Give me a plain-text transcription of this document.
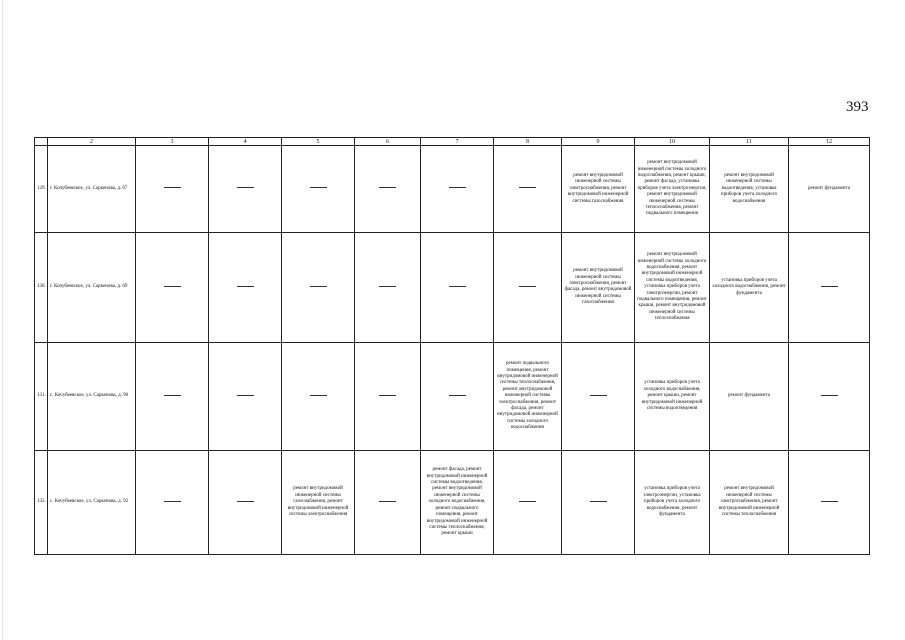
393
	2	3	4	5	6	7	8	9	10	11	12
129.	г. Кочубеевское, ул. Саркенова, д. 67							ремонт внутридомовой инженерной системы электроснабжения, ремонт внутридомовой инженерной системы газоснабжения	ремонт внутридомовой инженерной системы холодного водоснабжения, ремонт крыши, ремонт фасада, установка приборов учета электроэнергии, ремонт внутридомовой инженерной системы теплоснабжения, ремонт подвального помещения	ремонт внутридомовой инженерной системы водоотведения, установка приборов учета холодного водоснабжения	ремонт фундамента
130.	г. Кочубеевское, ул. Саркенова, д. 69							ремонт внутридомовой инженерной системы электроснабжения, ремонт фасада, ремонт внутридомовой инженерной системы газоснабжения	ремонт внутридомовой инженерной системы холодного водоснабжения, ремонт внутридомовой инженерной системы водоотведения, установка приборов учета электроэнергии, ремонт подвального помещения, ремонт крыши, ремонт внутридомовой инженерной системы теплоснабжения	установка приборов учета холодного водоснабжения, ремонт фундамента	
131.	с. Кочубеевское, ул. Саркенова, д. 90						ремонт подвального помещения, ремонт внутридомовой инженерной системы теплоснабжения, ремонт внутридомовой инженерной системы электроснабжения, ремонт фасада, ремонт внутридомовой инженерной системы холодного водоснабжения		установка приборов учета холодного водоснабжения, ремонт крыши, ремонт внутридомовой инженерной системы водоотведения	ремонт фундамента	
132.	с. Кочубеевское, ул. Саркенова, д. 92			ремонт внутридомовой инженерной системы газоснабжения, ремонт внутридомовой инженерной системы электроснабжения		ремонт фасада, ремонт внутридомовой инженерной системы водоотведения, ремонт внутридомовой инженерной системы холодного водоснабжения, ремонт подвального помещения, ремонт внутридомовой инженерной системы теплоснабжения, ремонт крыши			установка приборов учета электроэнергии, установка приборов учета холодного водоснабжения, ремонт фундамента	ремонт внутридомовой инженерной системы электроснабжения, ремонт внутридомовой инженерной системы теплоснабжения	
